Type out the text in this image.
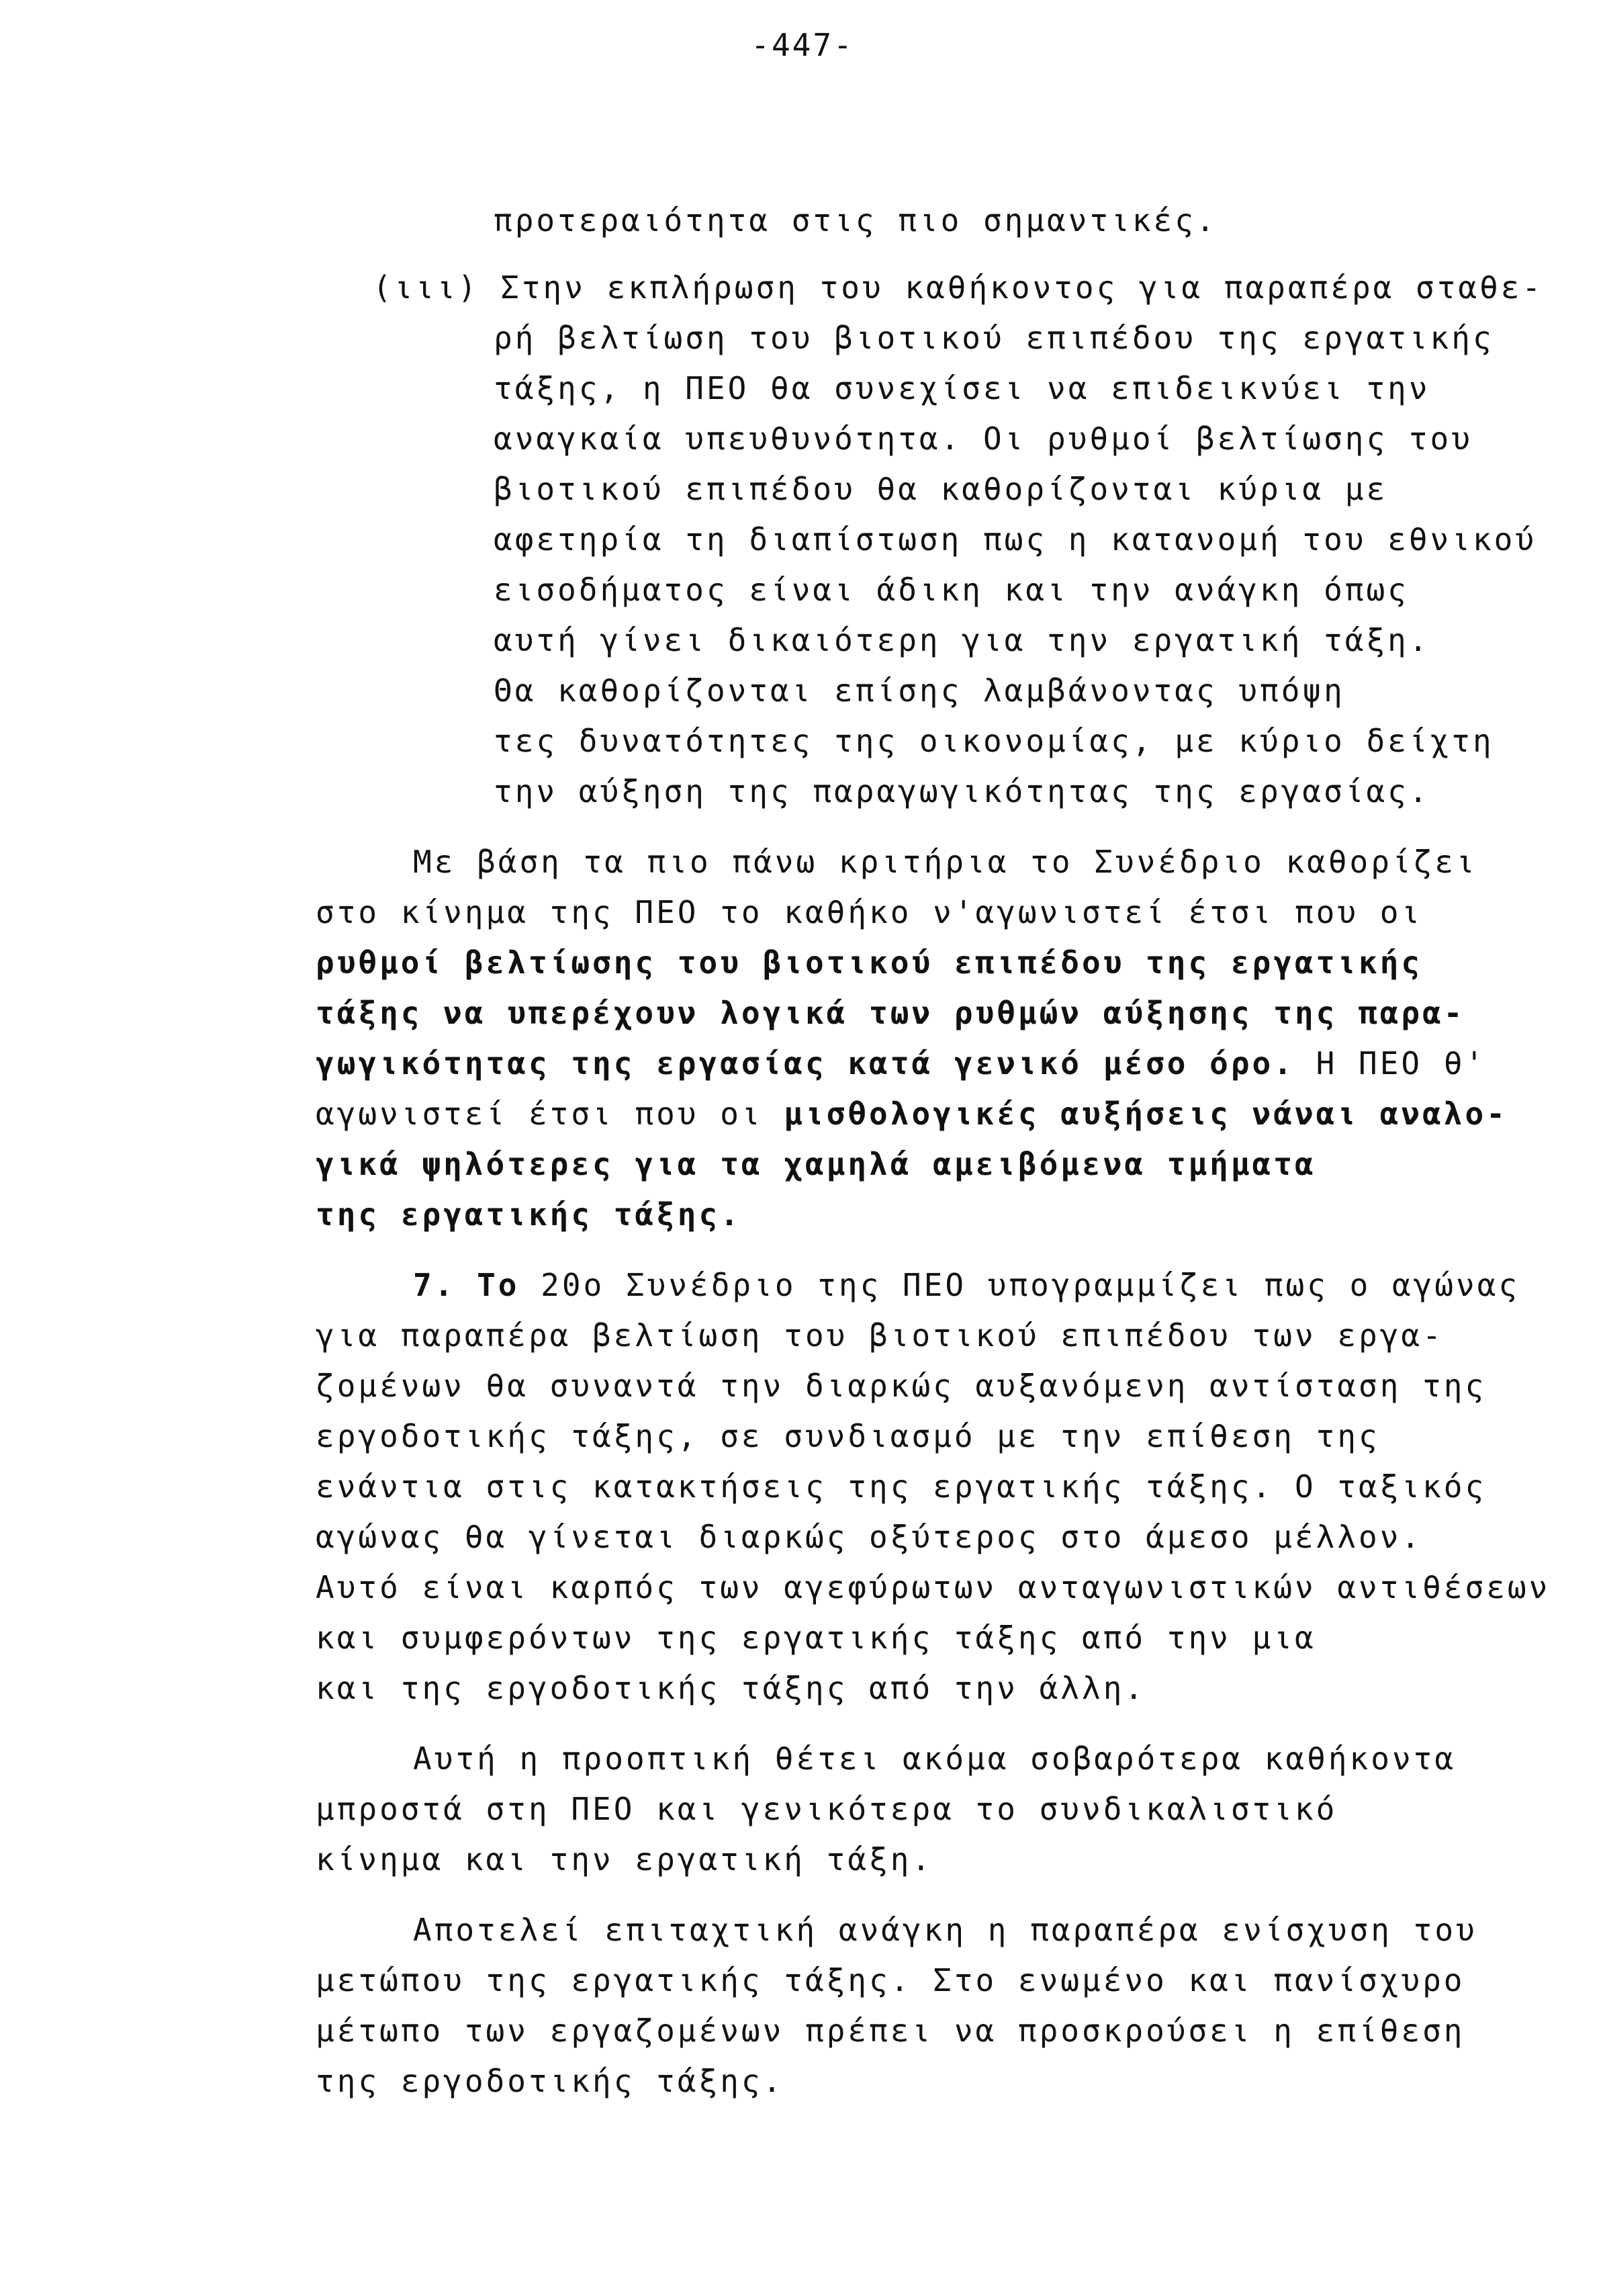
-447-
προτεραιότητα στις πιο σημαντικές.
(ιιι) Στην εκπλήρωση του καθήκοντος για παραπέρα σταθε-
ρή βελτίωση του βιοτικού επιπέδου της εργατικής
τάξης, η ΠΕΟ θα συνεχίσει να επιδεικνύει την
αναγκαία υπευθυνότητα. Οι ρυθμοί βελτίωσης του
βιοτικού επιπέδου θα καθορίζονται κύρια με
αφετηρία τη διαπίστωση πως η κατανομή του εθνικού
εισοδήματος είναι άδικη και την ανάγκη όπως
αυτή γίνει δικαιότερη για την εργατική τάξη.
Θα καθορίζονται επίσης λαμβάνοντας υπόψη
τες δυνατότητες της οικονομίας, με κύριο δείχτη
την αύξηση της παραγωγικότητας της εργασίας.
Με βάση τα πιο πάνω κριτήρια το Συνέδριο καθορίζει
στο κίνημα της ΠΕΟ το καθήκο ν'αγωνιστεί έτσι που οι
ρυθμοί βελτίωσης του βιοτικού επιπέδου της εργατικής
τάξης να υπερέχουν λογικά των ρυθμών αύξησης της παρα-
γωγικότητας της εργασίας κατά γενικό μέσο όρο. Η ΠΕΟ θ'
αγωνιστεί έτσι που οι μισθολογικές αυξήσεις νάναι αναλο-
γικά ψηλότερες για τα χαμηλά αμειβόμενα τμήματα
της εργατικής τάξης.
7. Το 20ο Συνέδριο της ΠΕΟ υπογραμμίζει πως ο αγώνας
για παραπέρα βελτίωση του βιοτικού επιπέδου των εργα-
ζομένων θα συναντά την διαρκώς αυξανόμενη αντίσταση της
εργοδοτικής τάξης, σε συνδιασμό με την επίθεση της
ενάντια στις κατακτήσεις της εργατικής τάξης. Ο ταξικός
αγώνας θα γίνεται διαρκώς οξύτερος στο άμεσο μέλλον.
Αυτό είναι καρπός των αγεφύρωτων ανταγωνιστικών αντιθέσεων
και συμφερόντων της εργατικής τάξης από την μια
και της εργοδοτικής τάξης από την άλλη.
Αυτή η προοπτική θέτει ακόμα σοβαρότερα καθήκοντα
μπροστά στη ΠΕΟ και γενικότερα το συνδικαλιστικό
κίνημα και την εργατική τάξη.
Αποτελεί επιταχτική ανάγκη η παραπέρα ενίσχυση του
μετώπου της εργατικής τάξης. Στο ενωμένο και πανίσχυρο
μέτωπο των εργαζομένων πρέπει να προσκρούσει η επίθεση
της εργοδοτικής τάξης.
